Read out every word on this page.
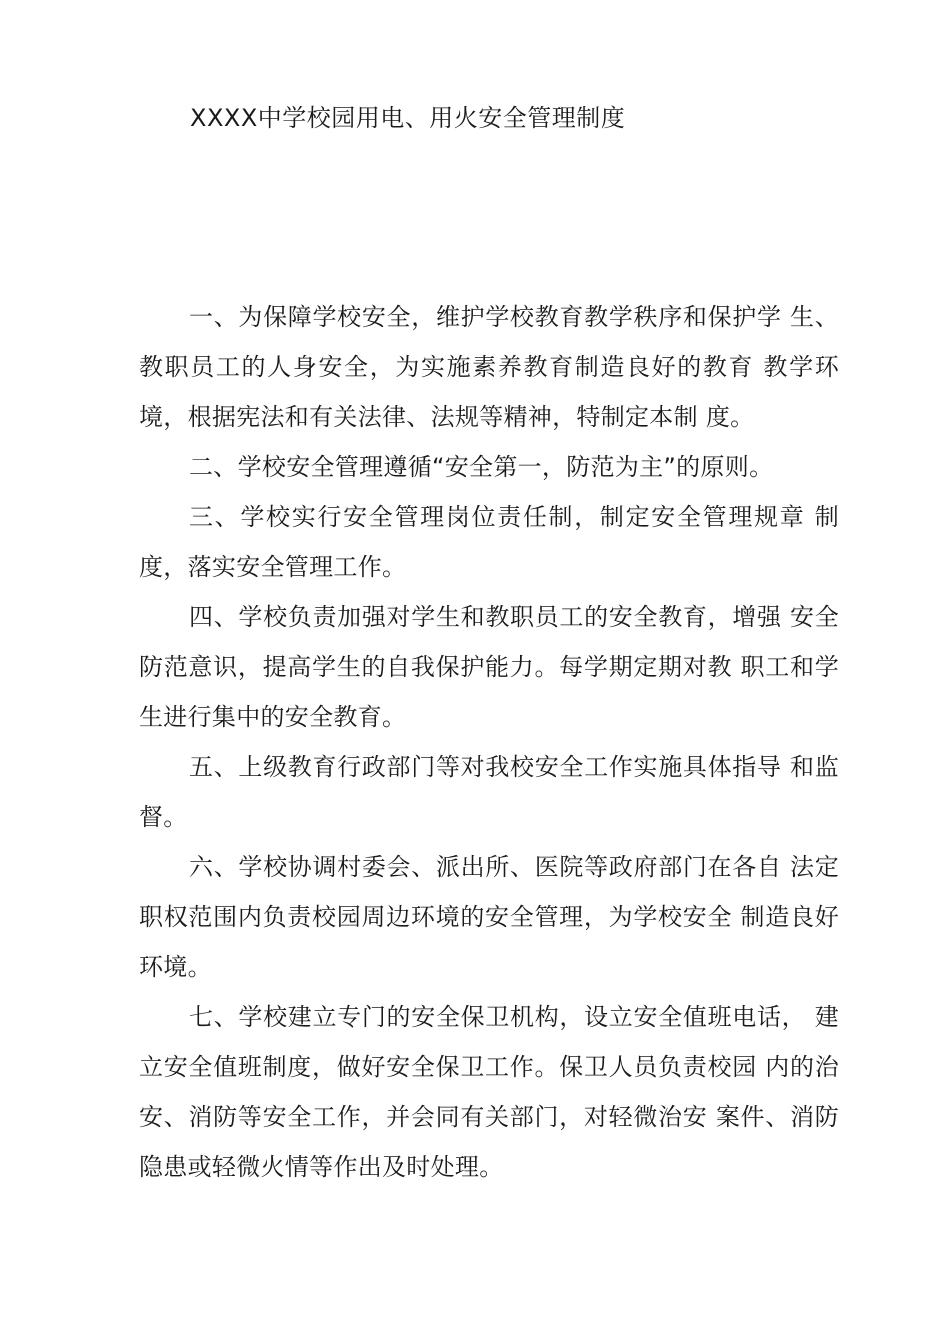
XXXX中学校园用电、用火安全管理制度

一、为保障学校安全，维护学校教育教学秩序和保护学 生、教职员工的人身安全，为实施素养教育制造良好的教育 教学环境，根据宪法和有关法律、法规等精神，特制定本制 度。

二、学校安全管理遵循“安全第一，防范为主”的原则。

三、学校实行安全管理岗位责任制，制定安全管理规章 制度，落实安全管理工作。

四、学校负责加强对学生和教职员工的安全教育，增强 安全防范意识，提高学生的自我保护能力。每学期定期对教 职工和学生进行集中的安全教育。

五、上级教育行政部门等对我校安全工作实施具体指导 和监督。

六、学校协调村委会、派出所、医院等政府部门在各自 法定职权范围内负责校园周边环境的安全管理，为学校安全 制造良好环境。

七、学校建立专门的安全保卫机构，设立安全值班电话， 建立安全值班制度，做好安全保卫工作。保卫人员负责校园 内的治安、消防等安全工作，并会同有关部门，对轻微治安 案件、消防隐患或轻微火情等作出及时处理。
